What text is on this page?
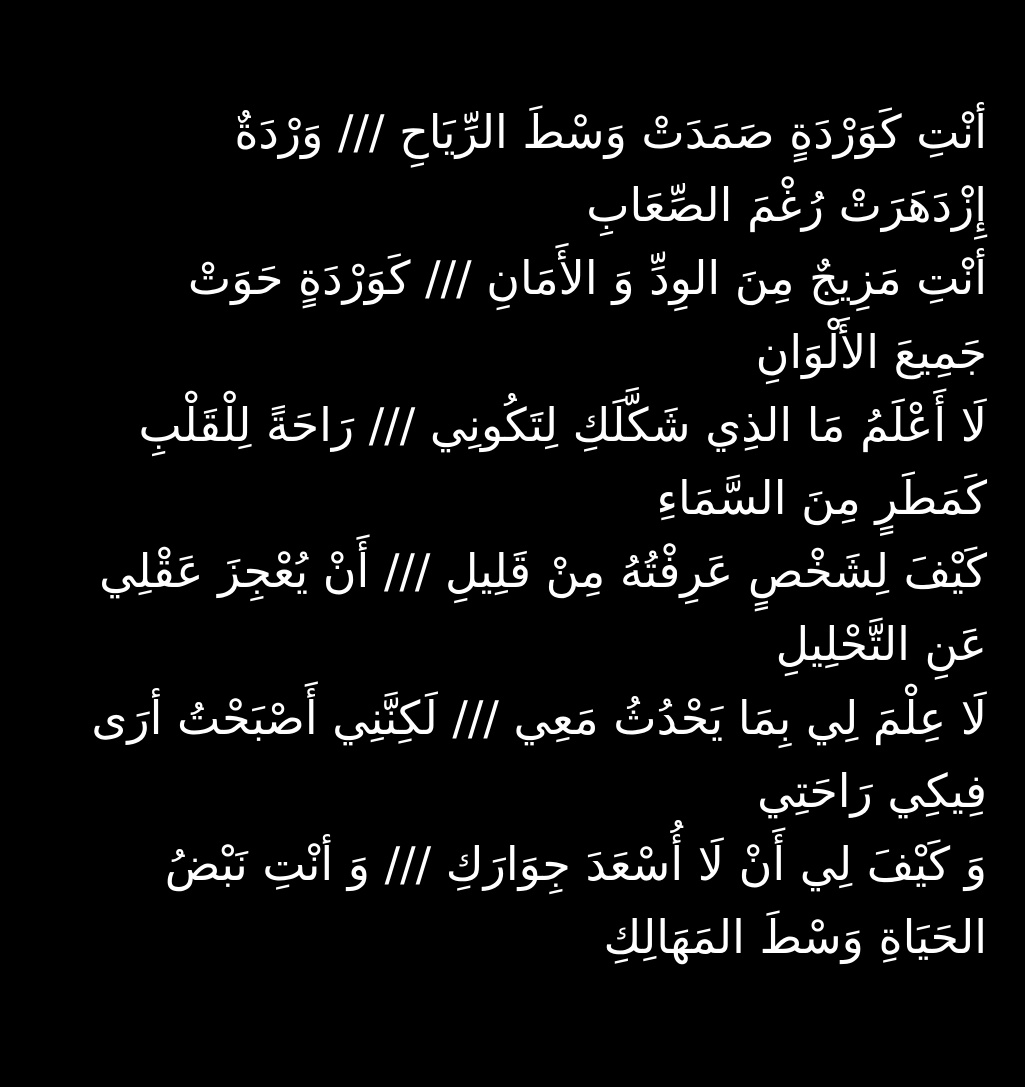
أنْتِ كَوَرْدَةٍ صَمَدَتْ وَسْطَ الرِّيَاحِ /// وَرْدَةٌ
إِزْدَهَرَتْ رُغْمَ الصِّعَابِ
أنْتِ مَزِيجٌ مِنَ الوِدِّ وَ الأَمَانِ /// كَوَرْدَةٍ حَوَتْ
جَمِيعَ الأَلْوَانِ
لَا أَعْلَمُ مَا الذِي شَكَّلَكِ لِتَكُونِي /// رَاحَةً لِلْقَلْبِ
كَمَطَرٍ مِنَ السَّمَاءِ
كَيْفَ لِشَخْصٍ عَرِفْتُهُ مِنْ قَلِيلِ /// أَنْ يُعْجِزَ عَقْلِي
عَنِ التَّحْلِيلِ
لَا عِلْمَ لِي بِمَا يَحْدُثُ مَعِي /// لَكِنَّنِي أَصْبَحْتُ أرَى
فِيكِي رَاحَتِي
وَ كَيْفَ لِي أَنْ لَا أُسْعَدَ جِوَارَكِ /// وَ أنْتِ نَبْضُ
الحَيَاةِ وَسْطَ المَهَالِكِ
